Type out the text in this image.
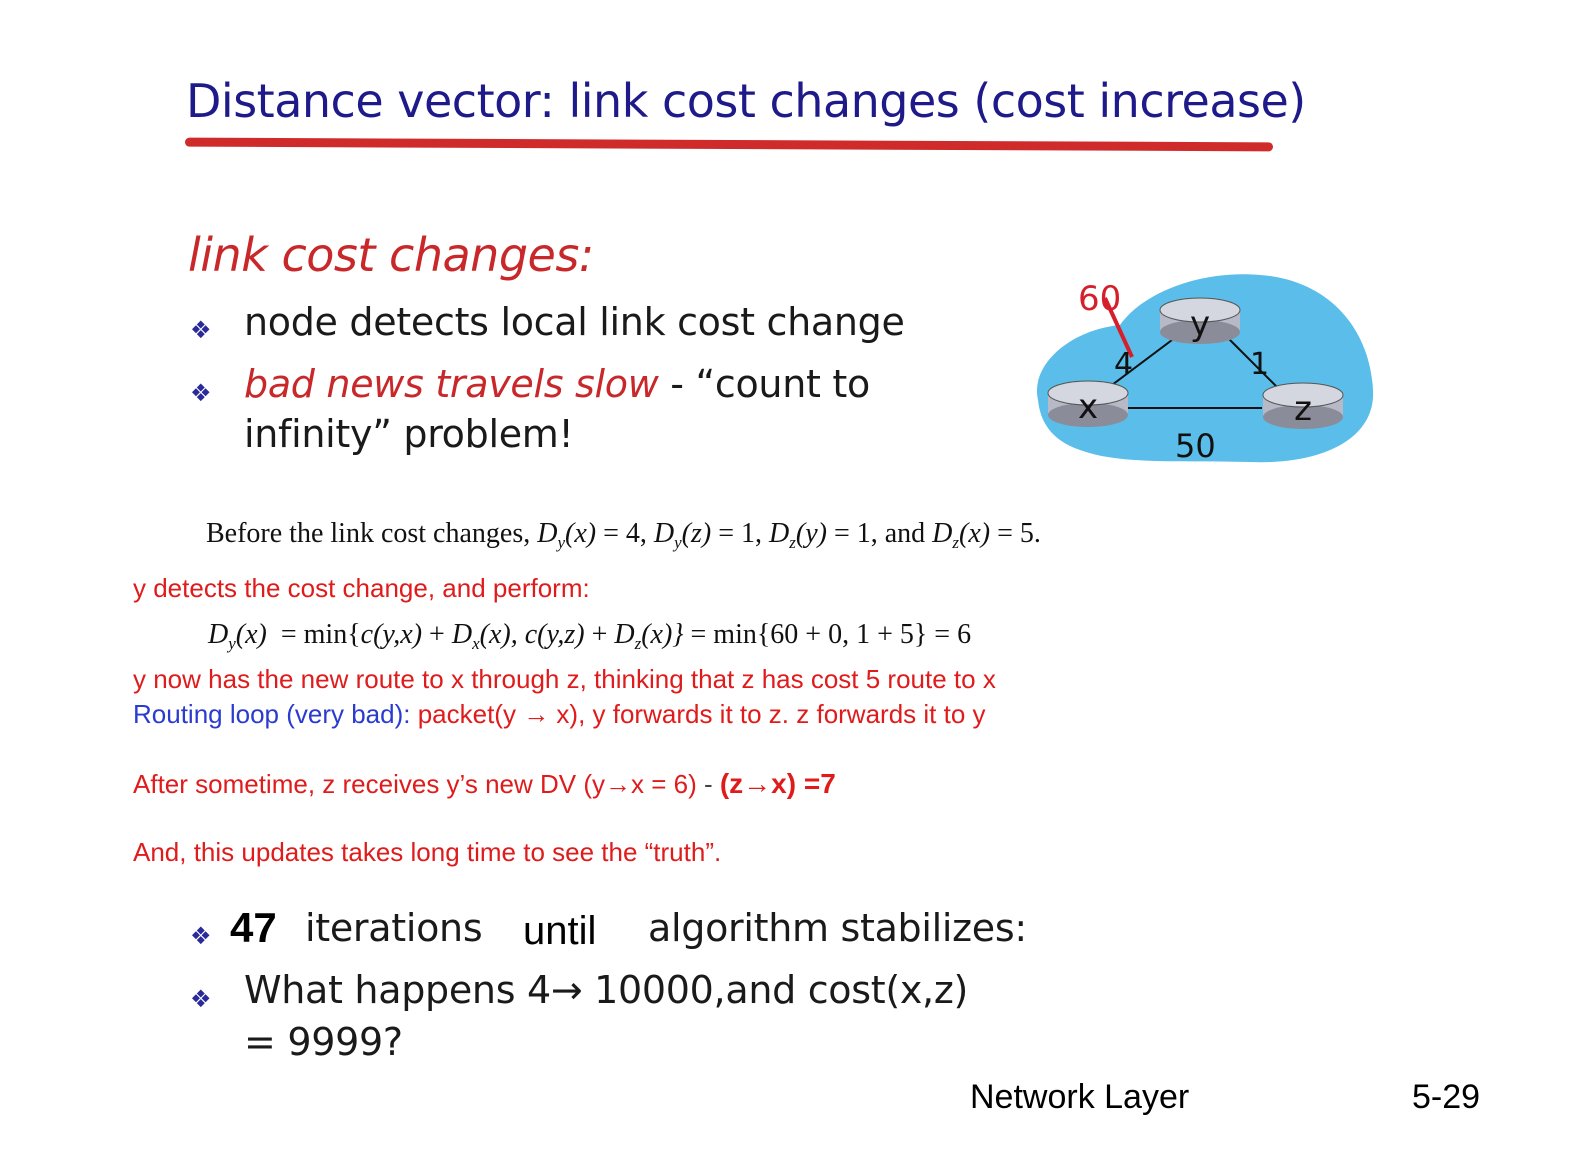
Distance vector: link cost changes (cost increase)
link cost changes:
❖ node detects local link cost change
❖ bad news travels slow - “count to
infinity” problem!
y
x	z
60
4	1
50
Before the link cost changes, $D_y(x) = 4$, $D_y(z) = 1$, $D_z(y) = 1$, and $D_z(x) = 5$.
y detects the cost change, and perform:
$D_y(x) = \min\{c(y,x) + D_x(x)$, $c(y,z) + D_z(x)\} = \min\{60 + 0$, 1 + 5} = 6
y now has the new route to x through z, thinking that z has cost 5 route to x
Routing loop (very bad): packet(y → x), y forwards it to z. z forwards it to y
After sometime, z receives y’s new DV (y→x = 6) - (z→x) =7
And, this updates takes long time to see the “truth”.
❖ 47 iterations until algorithm stabilizes:
❖ What happens 4→ 10000,and cost(x,z)
= 9999?
Network Layer	5-29
